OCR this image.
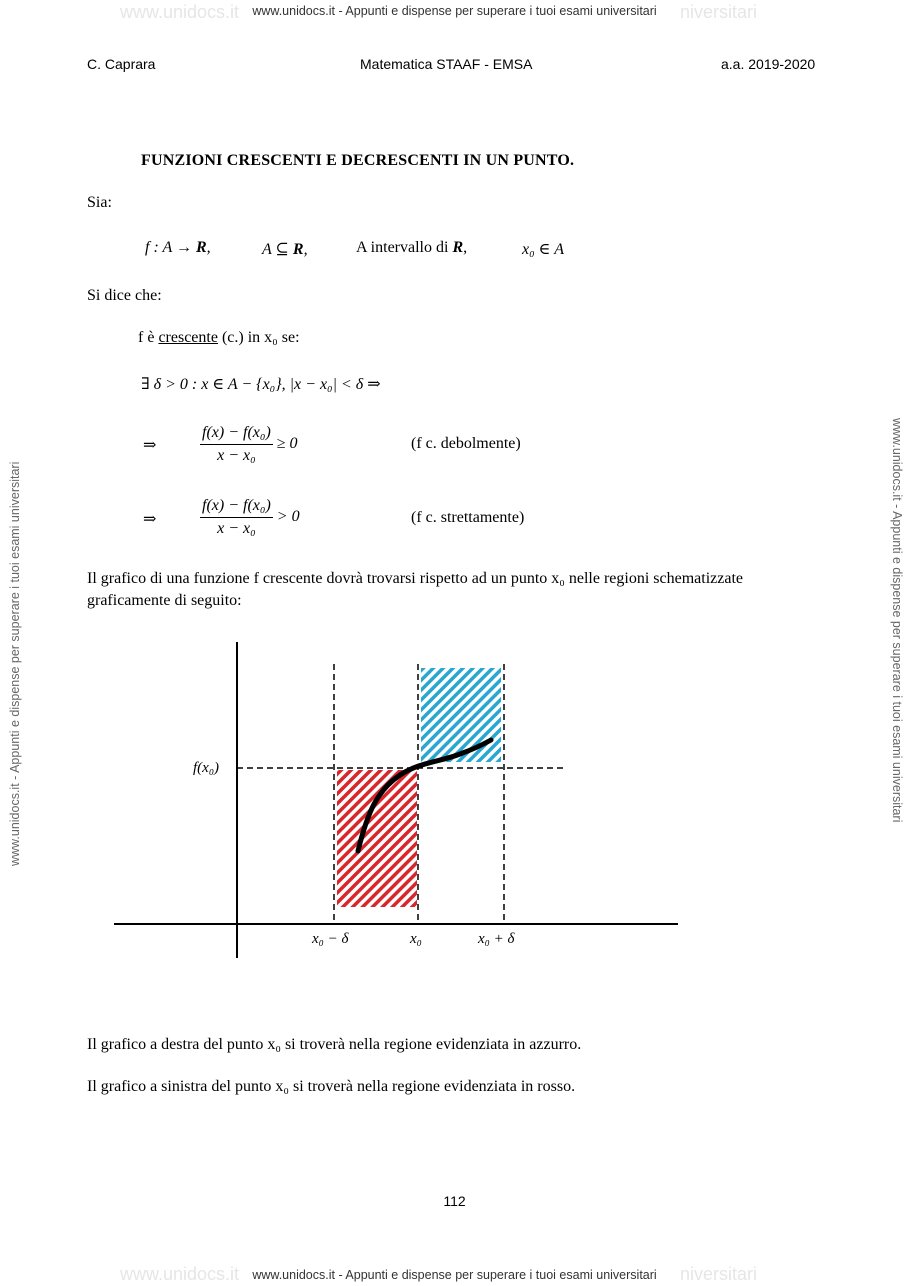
www.unidocs.it	niversitari
www.unidocs.it - Appunti e dispense per superare i tuoi esami universitari
www.unidocs.it	niversitari
www.unidocs.it - Appunti e dispense per superare i tuoi esami universitari
www.unidocs.it - Appunti e dispense per superare i tuoi esami universitari	www.unidocs.it - Appunti e dispense per superare i tuoi esami universitari
C. Caprara	Matematica STAAF - EMSA	a.a. 2019-2020
FUNZIONI CRESCENTI E DECRESCENTI IN UN PUNTO.
Sia:
f : A → R,	A ⊆ R,	A intervallo di R,	x₀ ∈ A
Si dice che:
f è crescente (c.) in x₀ se:
∃ δ > 0 : x ∈ A − {x₀}, |x − x₀| < δ ⇒
⇒	$\frac{\text{f(x) − f(x₀)}}{\text{x − x₀}} \ge 0$	(f c. debolmente)
⇒	$\frac{\text{f(x) − f(x₀)}}{\text{x − x₀}} > 0$	(f c. strettamente)
Il grafico di una funzione f crescente dovrà trovarsi rispetto ad un punto x₀ nelle regioni schematizzate
graficamente di seguito:
f(x₀)
x₀ − δ	x₀	x₀ + δ
Il grafico a destra del punto x₀ si troverà nella regione evidenziata in azzurro.
Il grafico a sinistra del punto x₀ si troverà nella regione evidenziata in rosso.
112
